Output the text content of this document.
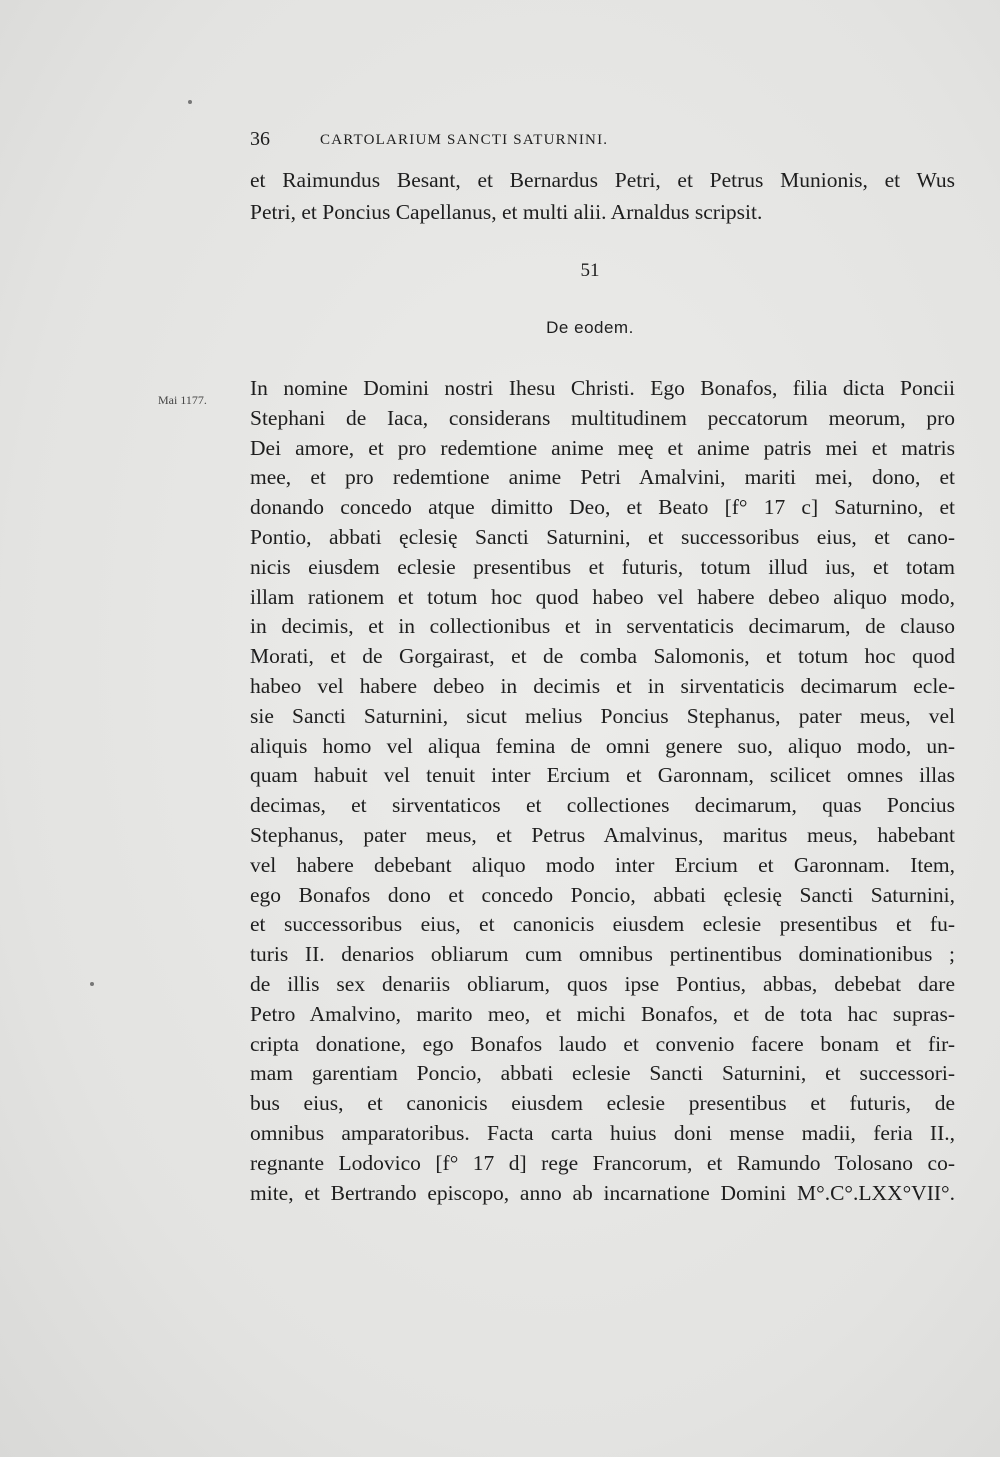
36	CARTOLARIUM SANCTI SATURNINI.
et Raimundus Besant, et Bernardus Petri, et Petrus Munionis, et Wus
Petri, et Poncius Capellanus, et multi alii. Arnaldus scripsit.
51
De eodem.
Mai 1177. In nomine Domini nostri Ihesu Christi. Ego Bonafos, filia dicta Poncii
Stephani de Iaca, considerans multitudinem peccatorum meorum, pro
Dei amore, et pro redemtione anime meę et anime patris mei et matris
mee, et pro redemtione anime Petri Amalvini, mariti mei, dono, et
donando concedo atque dimitto Deo, et Beato [f° 17 c] Saturnino, et
Pontio, abbati ęclesię Sancti Saturnini, et successoribus eius, et cano-
nicis eiusdem eclesie presentibus et futuris, totum illud ius, et totam
illam rationem et totum hoc quod habeo vel habere debeo aliquo modo,
in decimis, et in collectionibus et in serventaticis decimarum, de clauso
Morati, et de Gorgairast, et de comba Salomonis, et totum hoc quod
habeo vel habere debeo in decimis et in sirventaticis decimarum ecle-
sie Sancti Saturnini, sicut melius Poncius Stephanus, pater meus, vel
aliquis homo vel aliqua femina de omni genere suo, aliquo modo, un-
quam habuit vel tenuit inter Ercium et Garonnam, scilicet omnes illas
decimas, et sirventaticos et collectiones decimarum, quas Poncius
Stephanus, pater meus, et Petrus Amalvinus, maritus meus, habebant
vel habere debebant aliquo modo inter Ercium et Garonnam. Item,
ego Bonafos dono et concedo Poncio, abbati ęclesię Sancti Saturnini,
et successoribus eius, et canonicis eiusdem eclesie presentibus et fu-
turis II. denarios obliarum cum omnibus pertinentibus dominationibus ;
de illis sex denariis obliarum, quos ipse Pontius, abbas, debebat dare
Petro Amalvino, marito meo, et michi Bonafos, et de tota hac supras-
cripta donatione, ego Bonafos laudo et convenio facere bonam et fir-
mam garentiam Poncio, abbati eclesie Sancti Saturnini, et successori-
bus eius, et canonicis eiusdem eclesie presentibus et futuris, de
omnibus amparatoribus. Facta carta huius doni mense madii, feria II.,
regnante Lodovico [f° 17 d] rege Francorum, et Ramundo Tolosano co-
mite, et Bertrando episcopo, anno ab incarnatione Domini M°.C°.LXX°VII°.
